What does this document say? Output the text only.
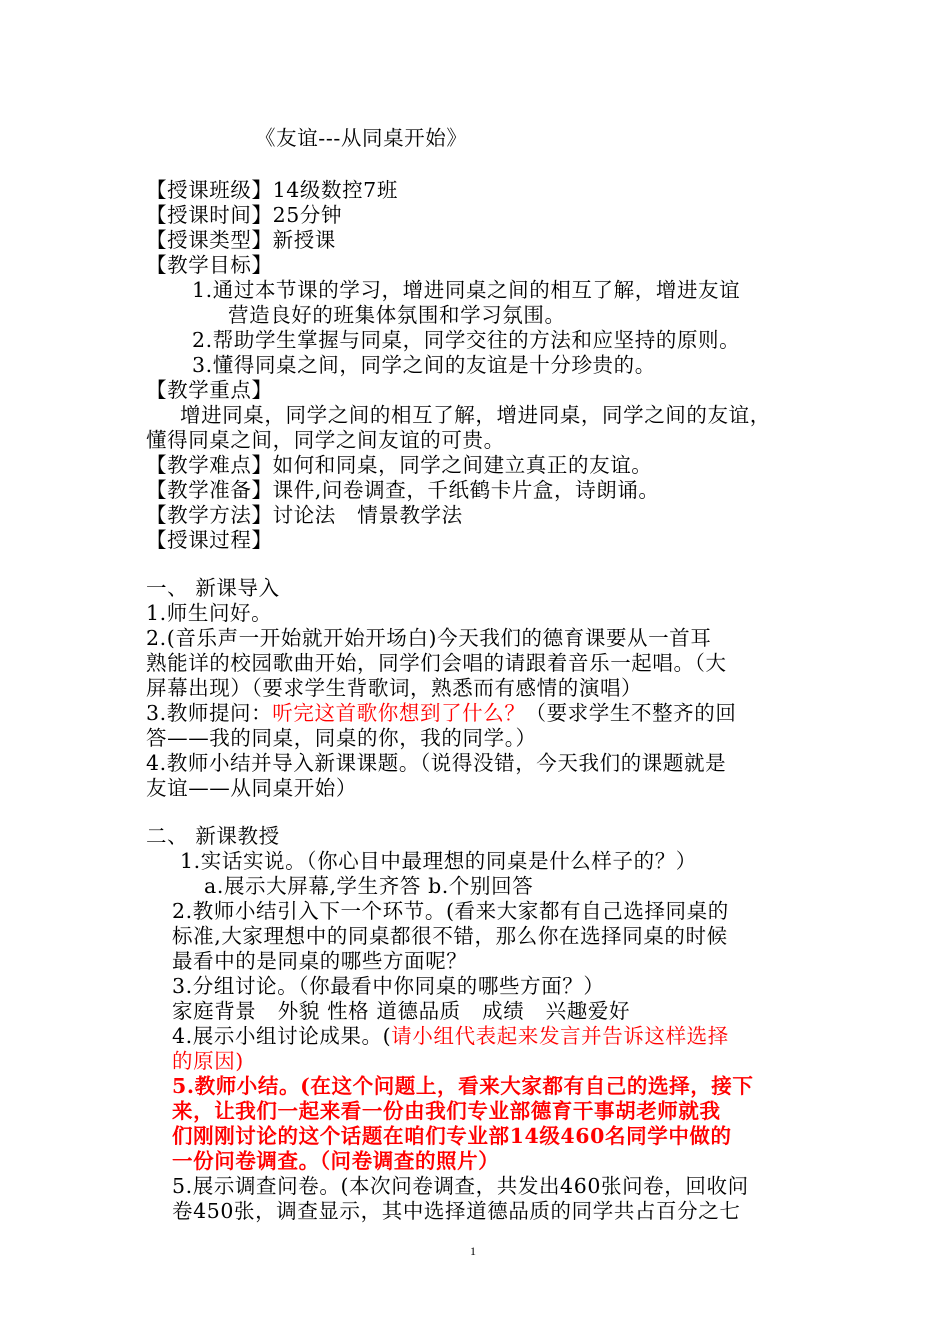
《友谊---从同桌开始》
【授课班级】14级数控7班
【授课时间】25分钟
【授课类型】新授课
【教学目标】
1.通过本节课的学习，增进同桌之间的相互了解，增进友谊
营造良好的班集体氛围和学习氛围。
2.帮助学生掌握与同桌，同学交往的方法和应坚持的原则。
3.懂得同桌之间，同学之间的友谊是十分珍贵的。
【教学重点】
增进同桌，同学之间的相互了解，增进同桌，同学之间的友谊，
懂得同桌之间，同学之间友谊的可贵。
【教学难点】如何和同桌，同学之间建立真正的友谊。
【教学准备】课件,问卷调查，千纸鹤卡片盒，诗朗诵。
【教学方法】讨论法   情景教学法
【授课过程】
一、 新课导入
1.师生问好。
2.(音乐声一开始就开始开场白)今天我们的德育课要从一首耳
熟能详的校园歌曲开始，同学们会唱的请跟着音乐一起唱。（大
屏幕出现）（要求学生背歌词，熟悉而有感情的演唱）
3.教师提问：听完这首歌你想到了什么？（要求学生不整齐的回
答——我的同桌，同桌的你，我的同学。）
4.教师小结并导入新课课题。（说得没错，今天我们的课题就是
友谊——从同桌开始）
二、 新课教授
1.实话实说。（你心目中最理想的同桌是什么样子的？）
a.展示大屏幕,学生齐答 b.个别回答
2.教师小结引入下一个环节。(看来大家都有自己选择同桌的
标准,大家理想中的同桌都很不错，那么你在选择同桌的时候
最看中的是同桌的哪些方面呢？
3.分组讨论。（你最看中你同桌的哪些方面？）
家庭背景   外貌 性格 道德品质   成绩   兴趣爱好
4.展示小组讨论成果。(请小组代表起来发言并告诉这样选择
的原因)
5.教师小结。(在这个问题上，看来大家都有自己的选择，接下
来，让我们一起来看一份由我们专业部德育干事胡老师就我
们刚刚讨论的这个话题在咱们专业部14级460名同学中做的
一份问卷调查。（问卷调查的照片）
5.展示调查问卷。(本次问卷调查，共发出460张问卷，回收问
卷450张，调查显示，其中选择道德品质的同学共占百分之七
1
